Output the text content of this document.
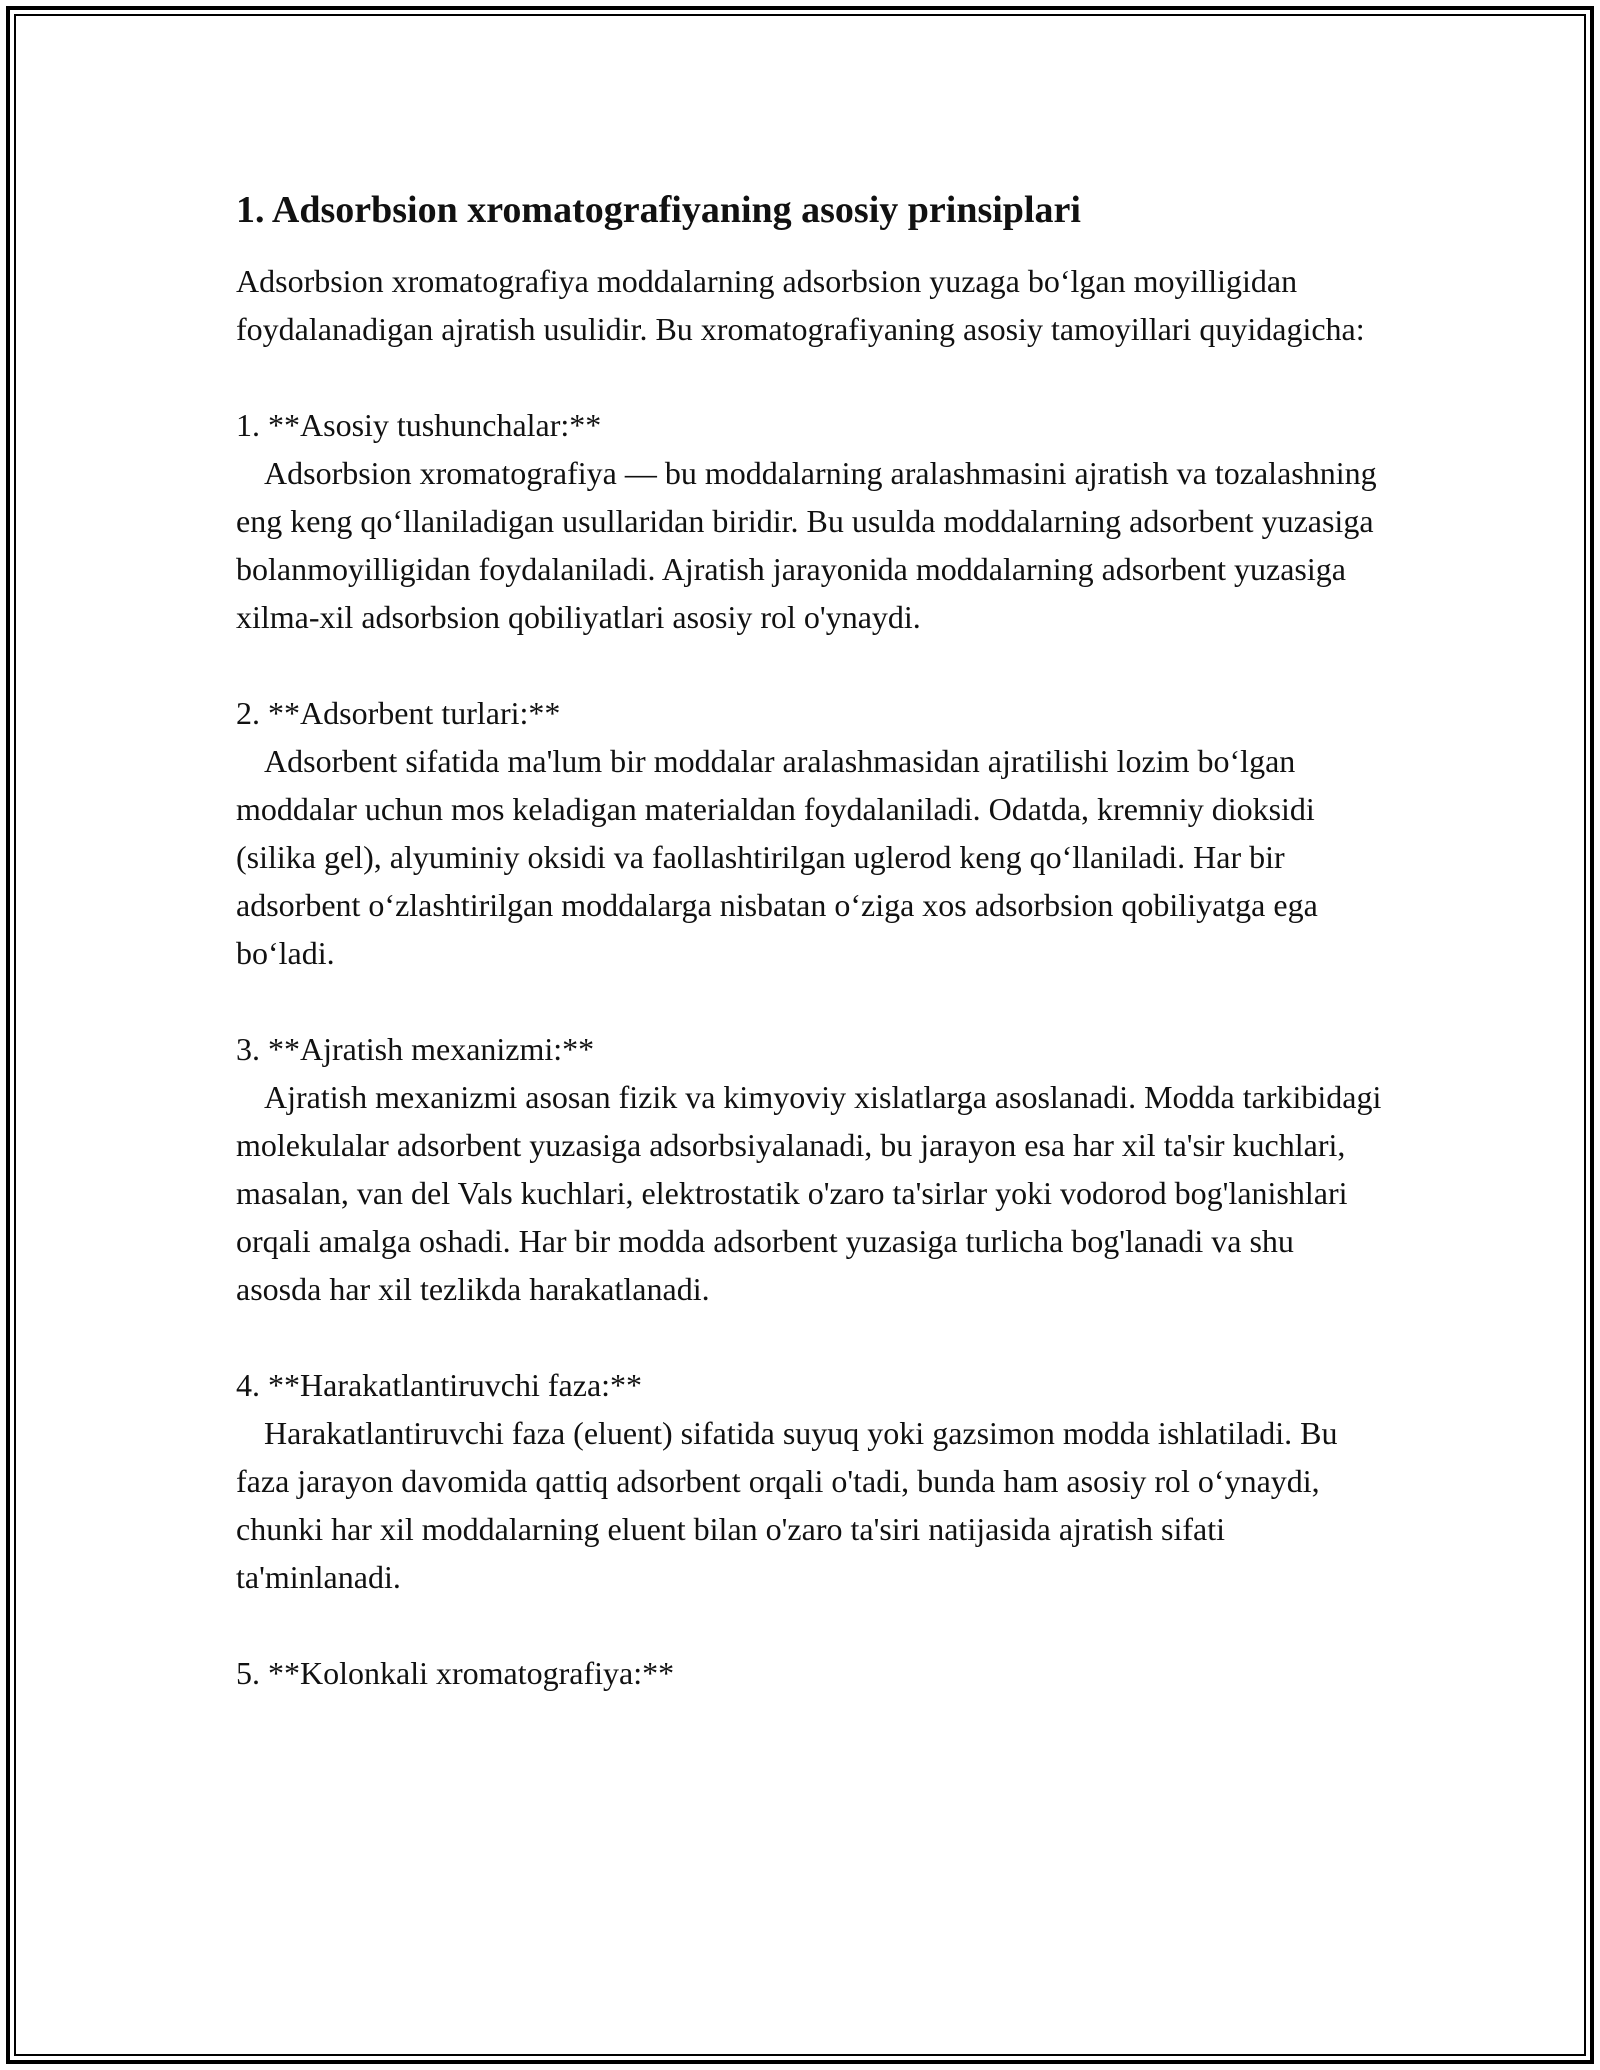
1. Adsorbsion xromatografiyaning asosiy prinsiplari

Adsorbsion xromatografiya moddalarning adsorbsion yuzaga bo‘lgan moyilligidan foydalanadigan ajratish usulidir. Bu xromatografiyaning asosiy tamoyillari quyidagicha:

1. **Asosiy tushunchalar:**

Adsorbsion xromatografiya — bu moddalarning aralashmasini ajratish va tozalashning eng keng qo‘llaniladigan usullaridan biridir. Bu usulda moddalarning adsorbent yuzasiga bolanmoyilligidan foydalaniladi. Ajratish jarayonida moddalarning adsorbent yuzasiga xilma-xil adsorbsion qobiliyatlari asosiy rol o'ynaydi.

2. **Adsorbent turlari:**

Adsorbent sifatida ma'lum bir moddalar aralashmasidan ajratilishi lozim bo‘lgan moddalar uchun mos keladigan materialdan foydalaniladi. Odatda, kremniy dioksidi (silika gel), alyuminiy oksidi va faollashtirilgan uglerod keng qo‘llaniladi. Har bir adsorbent o‘zlashtirilgan moddalarga nisbatan o‘ziga xos adsorbsion qobiliyatga ega bo‘ladi.

3. **Ajratish mexanizmi:**

Ajratish mexanizmi asosan fizik va kimyoviy xislatlarga asoslanadi. Modda tarkibidagi molekulalar adsorbent yuzasiga adsorbsiyalanadi, bu jarayon esa har xil ta'sir kuchlari, masalan, van del Vals kuchlari, elektrostatik o'zaro ta'sirlar yoki vodorod bog'lanishlari orqali amalga oshadi. Har bir modda adsorbent yuzasiga turlicha bog'lanadi va shu asosda har xil tezlikda harakatlanadi.

4. **Harakatlantiruvchi faza:**

Harakatlantiruvchi faza (eluent) sifatida suyuq yoki gazsimon modda ishlatiladi. Bu faza jarayon davomida qattiq adsorbent orqali o'tadi, bunda ham asosiy rol o‘ynaydi, chunki har xil moddalarning eluent bilan o'zaro ta'siri natijasida ajratish sifati ta'minlanadi.

5. **Kolonkali xromatografiya:**
